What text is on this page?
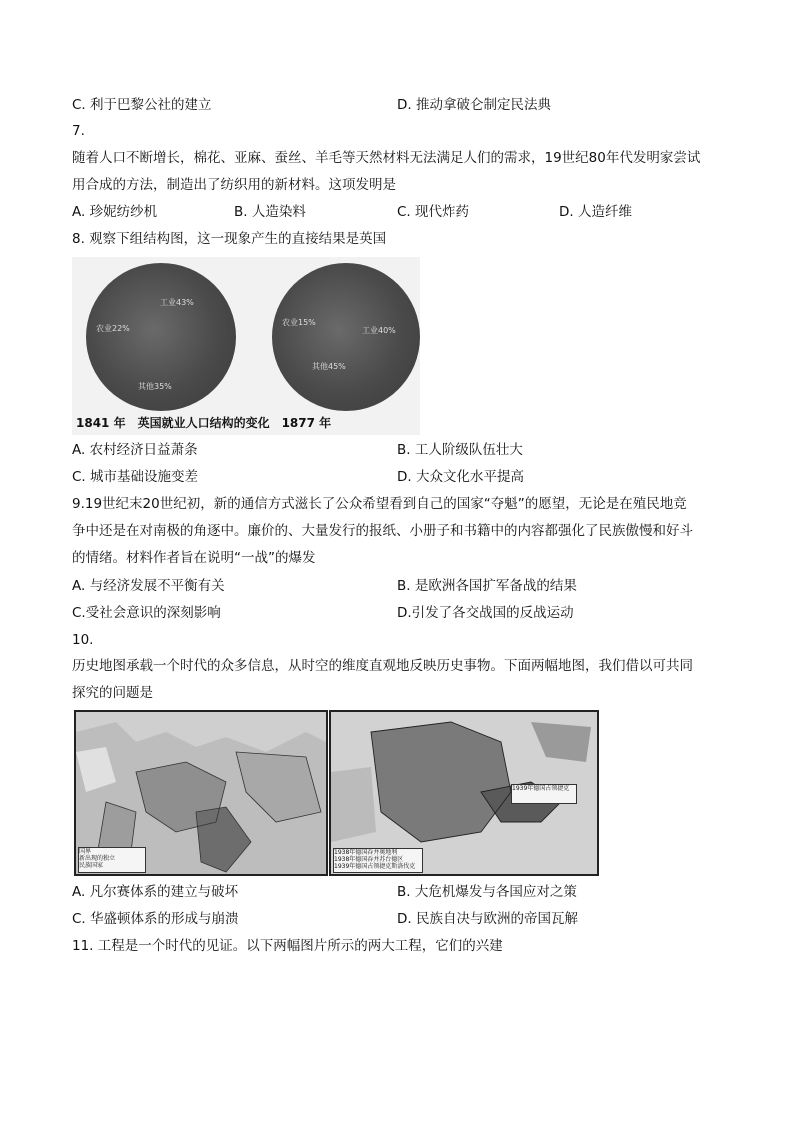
C. 利于巴黎公社的建立	D. 推动拿破仑制定民法典
7.
随着人口不断增长，棉花、亚麻、蚕丝、羊毛等天然材料无法满足人们的需求，19世纪80年代发明家尝试
用合成的方法，制造出了纺织用的新材料。这项发明是
A. 珍妮纺纱机	B. 人造染料	C. 现代炸药	D. 人造纤维
8. 观察下组结构图，这一现象产生的直接结果是英国
工业43%
农业22%
其他35%
农业15%
工业40%
其他45%
1841 年　英国就业人口结构的变化　1877 年
A. 农村经济日益萧条	B. 工人阶级队伍壮大
C. 城市基础设施变差	D. 大众文化水平提高
9.19世纪末20世纪初，新的通信方式滋长了公众希望看到自己的国家“夺魁”的愿望，无论是在殖民地竞
争中还是在对南极的角逐中。廉价的、大量发行的报纸、小册子和书籍中的内容都强化了民族傲慢和好斗
的情绪。材料作者旨在说明“一战”的爆发
A. 与经济发展不平衡有关	B. 是欧洲各国扩军备战的结果
C.受社会意识的深刻影响	D.引发了各交战国的反战运动
10.
历史地图承载一个时代的众多信息，从时空的维度直观地反映历史事物。下面两幅地图，我们借以可共同
探究的问题是
国界
新出现的独立
民族国家
1939年德国占领捷克
1938年德国吞并奥地利
1938年德国吞并苏台德区
1939年德国占领捷克斯洛伐克
A. 凡尔赛体系的建立与破坏	B. 大危机爆发与各国应对之策
C. 华盛顿体系的形成与崩溃	D. 民族自决与欧洲的帝国瓦解
11. 工程是一个时代的见证。以下两幅图片所示的两大工程，它们的兴建
